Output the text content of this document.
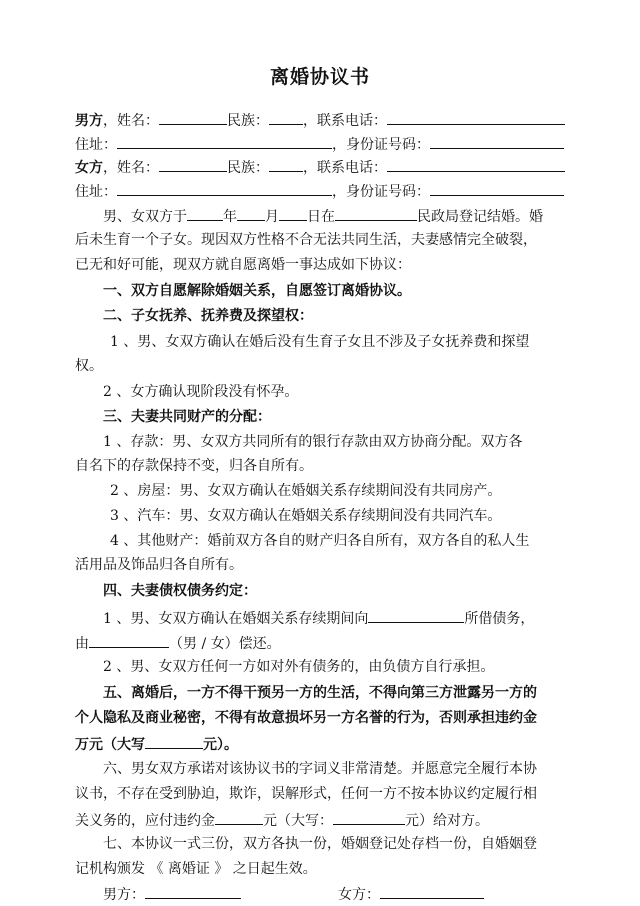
离婚协议书
男方，姓名：	民族： ，联系电话：
住址：	，身份证号码：
女方，姓名：	民族： ，联系电话：
住址：	，身份证号码：
男、女双方于	年 月 日在	民政局登记结婚。婚
后未生育一个子女。现因双方性格不合无法共同生活，夫妻感情完全破裂，
已无和好可能，现双方就自愿离婚一事达成如下协议：
一、双方自愿解除婚姻关系，自愿签订离婚协议。
二、子女抚养、抚养费及探望权：
1 、男、女双方确认在婚后没有生育子女且不涉及子女抚养费和探望
权。
2 、女方确认现阶段没有怀孕。
三、夫妻共同财产的分配：
1 、存款：男、女双方共同所有的银行存款由双方协商分配。双方各
自名下的存款保持不变，归各自所有。
2 、房屋：男、女双方确认在婚姻关系存续期间没有共同房产。
3 、汽车：男、女双方确认在婚姻关系存续期间没有共同汽车。
4 、其他财产：婚前双方各自的财产归各自所有，双方各自的私人生
活用品及饰品归各自所有。
四、夫妻债权债务约定：
1 、男、女双方确认在婚姻关系存续期间向	所借债务，
由	（男 / 女）偿还。
2 、男、女双方任何一方如对外有债务的，由负债方自行承担。
五、离婚后，一方不得干预另一方的生活，不得向第三方泄露另一方的
个人隐私及商业秘密，不得有故意损坏另一方名誉的行为，否则承担违约金
万元（大写	元）。
六、男女双方承诺对该协议书的字词义非常清楚。并愿意完全履行本协
议书，不存在受到胁迫，欺诈，误解形式，任何一方不按本协议约定履行相
关义务的，应付违约金	元（大写：	元）给对方。
七、本协议一式三份，双方各执一份，婚姻登记处存档一份，自婚姻登
记机构颁发 《 离婚证 》 之日起生效。
男方：	女方：
